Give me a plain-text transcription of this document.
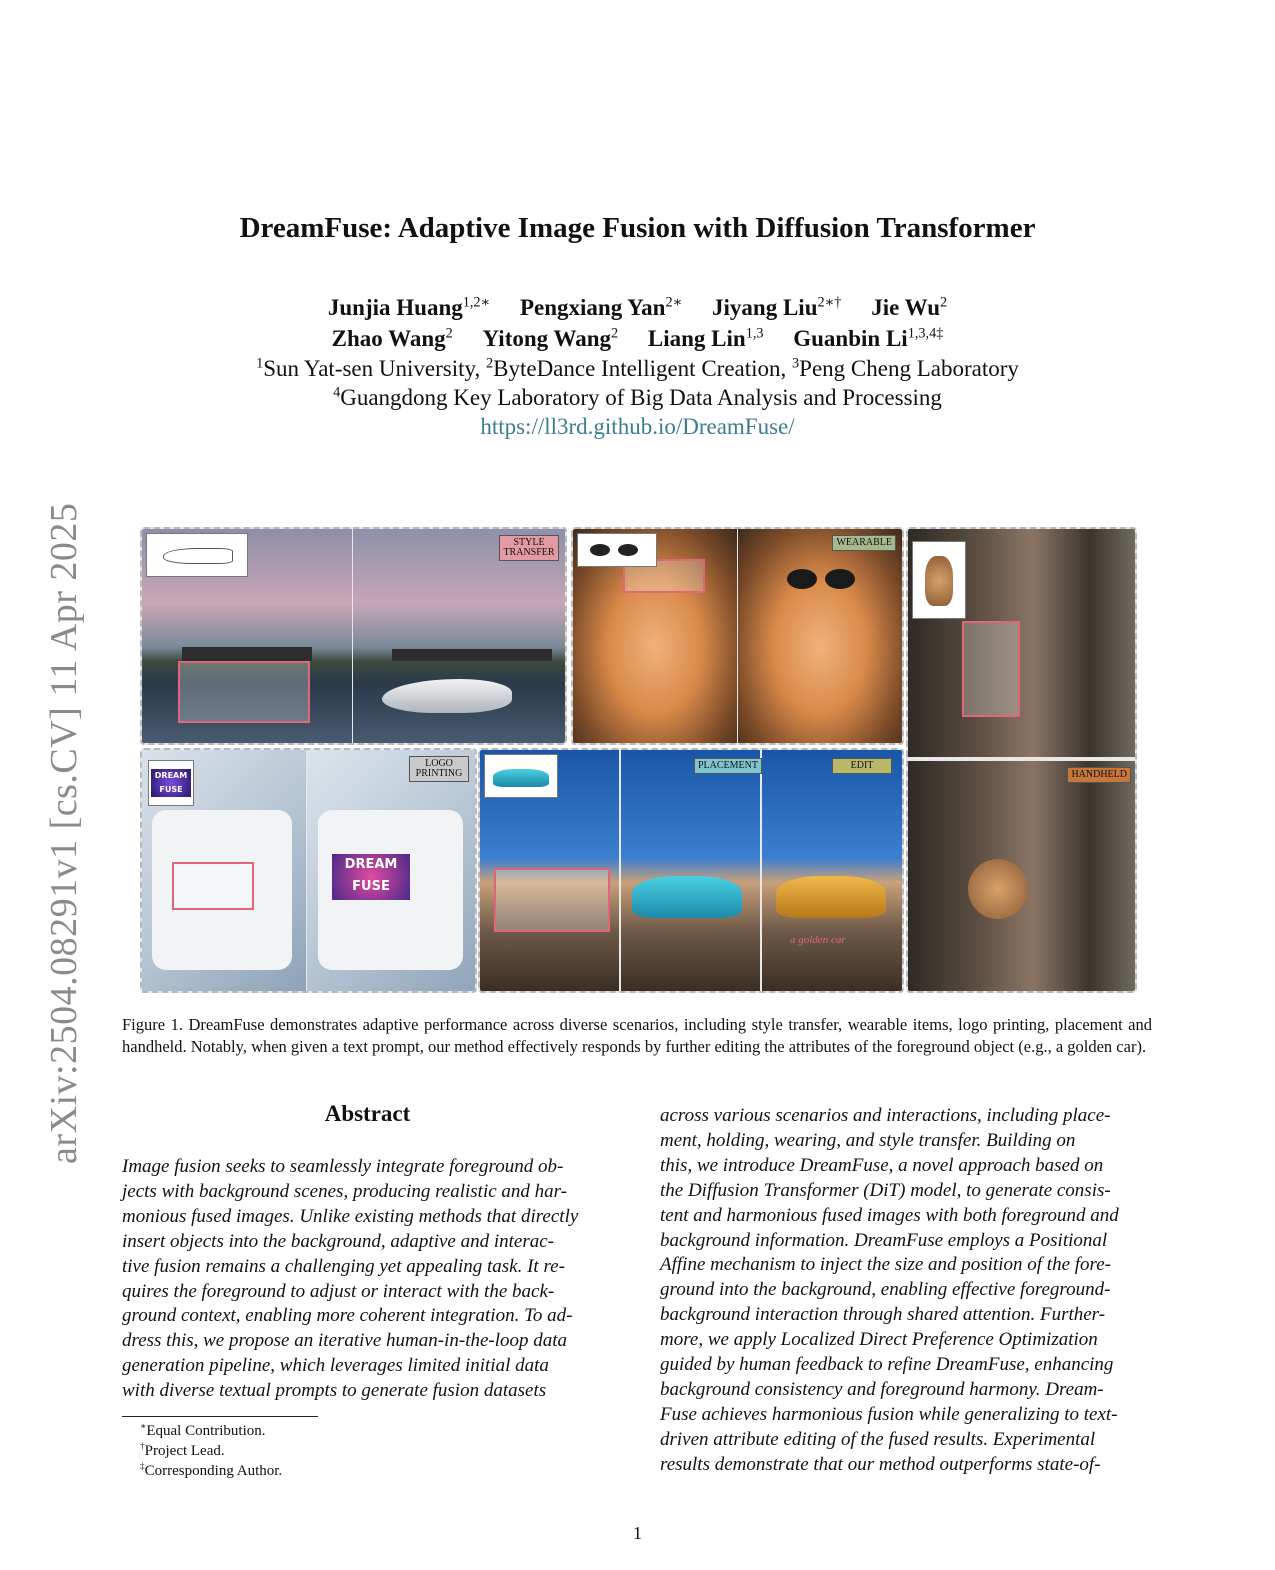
arXiv:2504.08291v1 [cs.CV] 11 Apr 2025
DreamFuse: Adaptive Image Fusion with Diffusion Transformer
Junjia Huang$^{1,2∗}$ Pengxiang Yan$^{2∗}$ Jiyang Liu$^{2∗\dagger}$ Jie Wu$^2$
Zhao Wang$^2$ Yitong Wang$^2$ Liang Lin$^{1,3}$ Guanbin $Li^{1,3,4\ddagger}$
$^1$Sun Yat-sen University, $^2$ByteDance Intelligent Creation, $^3$Peng Cheng Laboratory
$^4$Guangdong Key Laboratory of Big Data Analysis and Processing
https://ll3rd.github.io/DreamFuse/
STYLE TRANSFER
WEARABLE
HANDHELD
DREAM FUSE
DREAM FUSE
LOGO PRINTING
a golden car
PLACEMENT	EDIT
Figure 1. DreamFuse demonstrates adaptive performance across diverse scenarios, including style transfer, wearable items, logo printing, placement and handheld. Notably, when given a text prompt, our method effectively responds by further editing the attributes of the foreground object (e.g., a golden car).
Abstract

Image fusion seeks to seamlessly integrate foreground ob-

jects with background scenes, producing realistic and har-

monious fused images. Unlike existing methods that directly

insert objects into the background, adaptive and interac-

tive fusion remains a challenging yet appealing task. It re-

quires the foreground to adjust or interact with the back-

ground context, enabling more coherent integration. To ad-

dress this, we propose an iterative human-in-the-loop data

generation pipeline, which leverages limited initial data

with diverse textual prompts to generate fusion datasets

across various scenarios and interactions, including place-

ment, holding, wearing, and style transfer. Building on

this, we introduce DreamFuse, a novel approach based on

the Diffusion Transformer (DiT) model, to generate consis-

tent and harmonious fused images with both foreground and

background information. DreamFuse employs a Positional

Affine mechanism to inject the size and position of the fore-

ground into the background, enabling effective foreground-

background interaction through shared attention. Further-

more, we apply Localized Direct Preference Optimization

guided by human feedback to refine DreamFuse, enhancing

background consistency and foreground harmony. Dream-

Fuse achieves harmonious fusion while generalizing to text-

driven attribute editing of the fused results. Experimental

results demonstrate that our method outperforms state-of-

∗Equal Contribution.
†Project Lead.
‡Corresponding Author.
1
